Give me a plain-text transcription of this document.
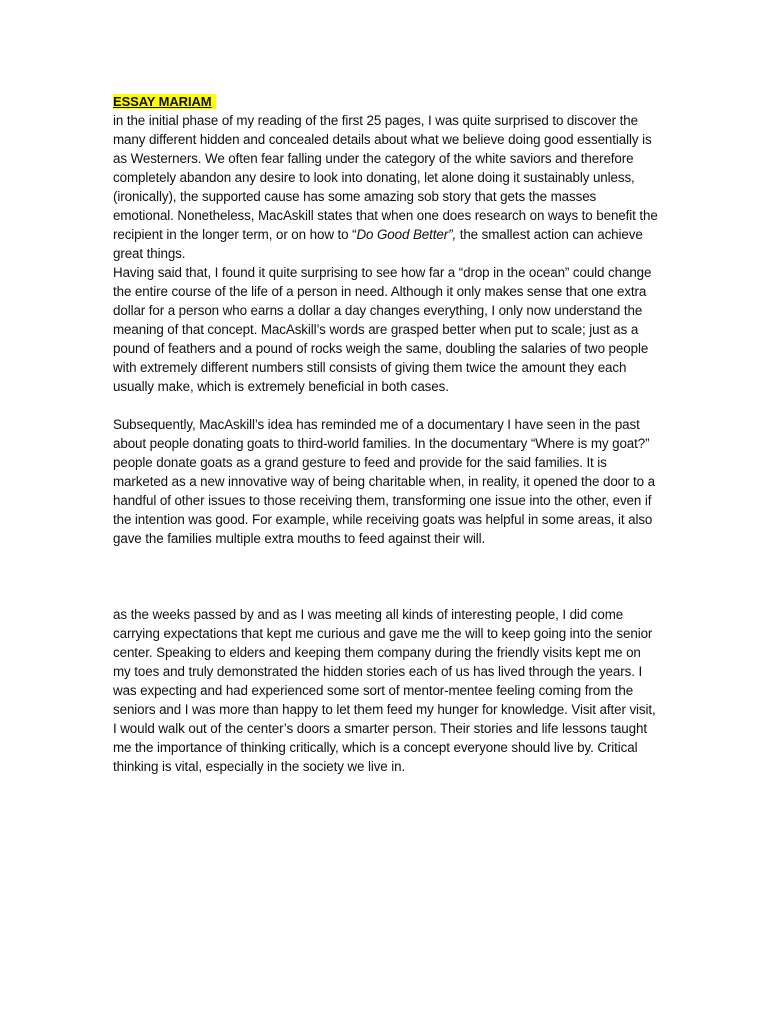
ESSAY MARIAM

in the initial phase of my reading of the first 25 pages, I was quite surprised to discover the many different hidden and concealed details about what we believe doing good essentially is as Westerners. We often fear falling under the category of the white saviors and therefore completely abandon any desire to look into donating, let alone doing it sustainably unless, (ironically), the supported cause has some amazing sob story that gets the masses emotional. Nonetheless, MacAskill states that when one does research on ways to benefit the recipient in the longer term, or on how to “Do Good Better”, the smallest action can achieve great things.

Having said that, I found it quite surprising to see how far a “drop in the ocean” could change the entire course of the life of a person in need. Although it only makes sense that one extra dollar for a person who earns a dollar a day changes everything, I only now understand the meaning of that concept. MacAskill’s words are grasped better when put to scale; just as a pound of feathers and a pound of rocks weigh the same, doubling the salaries of two people with extremely different numbers still consists of giving them twice the amount they each usually make, which is extremely beneficial in both cases.

Subsequently, MacAskill’s idea has reminded me of a documentary I have seen in the past about people donating goats to third-world families. In the documentary “Where is my goat?” people donate goats as a grand gesture to feed and provide for the said families. It is marketed as a new innovative way of being charitable when, in reality, it opened the door to a handful of other issues to those receiving them, transforming one issue into the other, even if the intention was good. For example, while receiving goats was helpful in some areas, it also gave the families multiple extra mouths to feed against their will.

as the weeks passed by and as I was meeting all kinds of interesting people, I did come carrying expectations that kept me curious and gave me the will to keep going into the senior center. Speaking to elders and keeping them company during the friendly visits kept me on my toes and truly demonstrated the hidden stories each of us has lived through the years. I was expecting and had experienced some sort of mentor-mentee feeling coming from the seniors and I was more than happy to let them feed my hunger for knowledge. Visit after visit, I would walk out of the center’s doors a smarter person. Their stories and life lessons taught me the importance of thinking critically, which is a concept everyone should live by. Critical thinking is vital, especially in the society we live in.
